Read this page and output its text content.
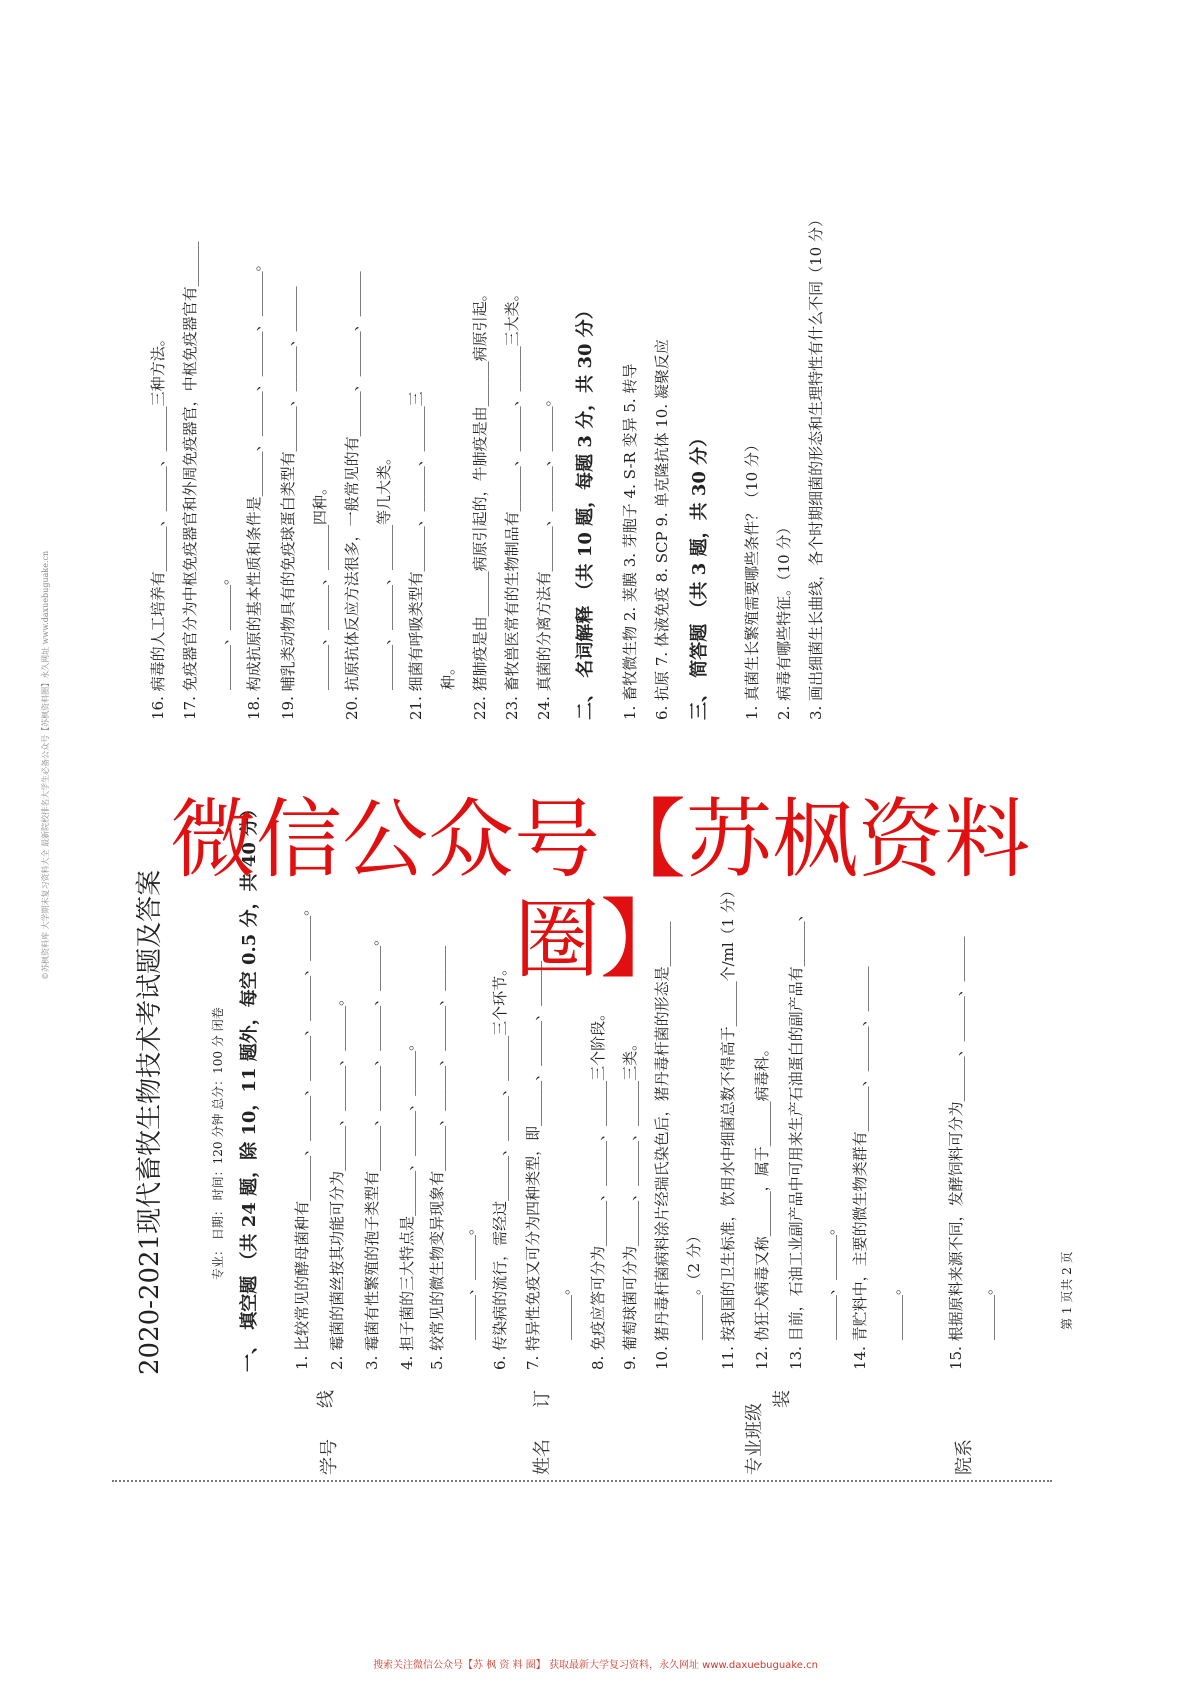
©苏枫资料库 大学期末复习资料大全 最新院校排名大学生必备公众号【苏枫资料圈】永久网址 www.daxuebuguake.cn
2020-2021现代畜牧生物技术考试题及答案	专业： 日期： 时间：120 分钟 总分：100 分 闭卷 一、 填空题 （共 24 题，除 10，11 题外，每空 0.5 分，共 40 分） 1. 比较常见的酵母菌种有______、______、______、______、______。 2. 霉菌的菌丝按其功能可分为______、______、______。 3. 霉菌有性繁殖的孢子类型有______、______、______、______。 4. 担子菌的三大特点是______、______、______。 5. 较常见的微生物变异现象有______、______、______、______ ______、______。 6. 传染病的流行，需经过______、______、______三个环节。 7. 特异性免疫又可分为四种类型，即______、______、______ ______。 8. 免疫应答可分为______、______、______三个阶段。 9. 葡萄球菌可分为______、______、______三类。 10. 猪丹毒杆菌病料涂片经瑞氏染色后，猪丹毒杆菌的形态是______ ______。（2 分） 11. 按我国的卫生标准，饮用水中细菌总数不得高于______个/ml（1 分） 12. 伪狂犬病毒又称______，属于______病毒科。 13. 目前，石油工业副产品中可用来生产石油蛋白的副产品有______、 ______、______。 14. 青贮料中，主要的微生物类群有______、______、______ ______。	15. 根据原料来源不同，发酵饲料可分为______、______、______ ______。
16. 病毒的人工培养有______、______、______三种方法。 17. 免疫器官分为中枢免疫器官和外周免疫器官，中枢免疫器官有______ ______、______。 18. 构成抗原的基本性质和条件是______、______、______、______。 19. 哺乳类动物具有的免疫球蛋白类型有______、______、______ ______、______、______四种。 20. 抗原抗体反应方法很多，一般常见的有______、______、______ ______、______、______等几大类。 21. 细菌有呼吸类型有______、______、______三 种。 22. 猪肺疫是由______病原引起的，牛肺疫是由______病原引起。 23. 畜牧兽医常有的生物制品有______、______、______三大类。 24. 真菌的分离方法有______、______、______。 二、 名词解释 （共 10 题，每题 3 分，共 30 分） 1. 畜牧微生物 2. 荚膜 3. 芽胞子 4. S-R 变异 5. 转导 6. 抗原 7. 体液免疫 8. SCP 9. 单克隆抗体 10. 凝聚反应 三、 简答题 （共 3 题，共 30 分） 1. 真菌生长繁殖需要哪些条件？（10 分） 2. 病毒有哪些特征。（10 分） 3. 画出细菌生长曲线，各个时期细菌的形态和生理特性有什么不同（10 分）
第 1 页共 2 页
线	订	装
学号	姓名	专业班级	院系
微信公众号【苏枫资料圈】
搜索关注微信公众号【苏 枫 资 料 圈】 获取最新大学复习资料，永久网址 www.daxuebuguake.cn
